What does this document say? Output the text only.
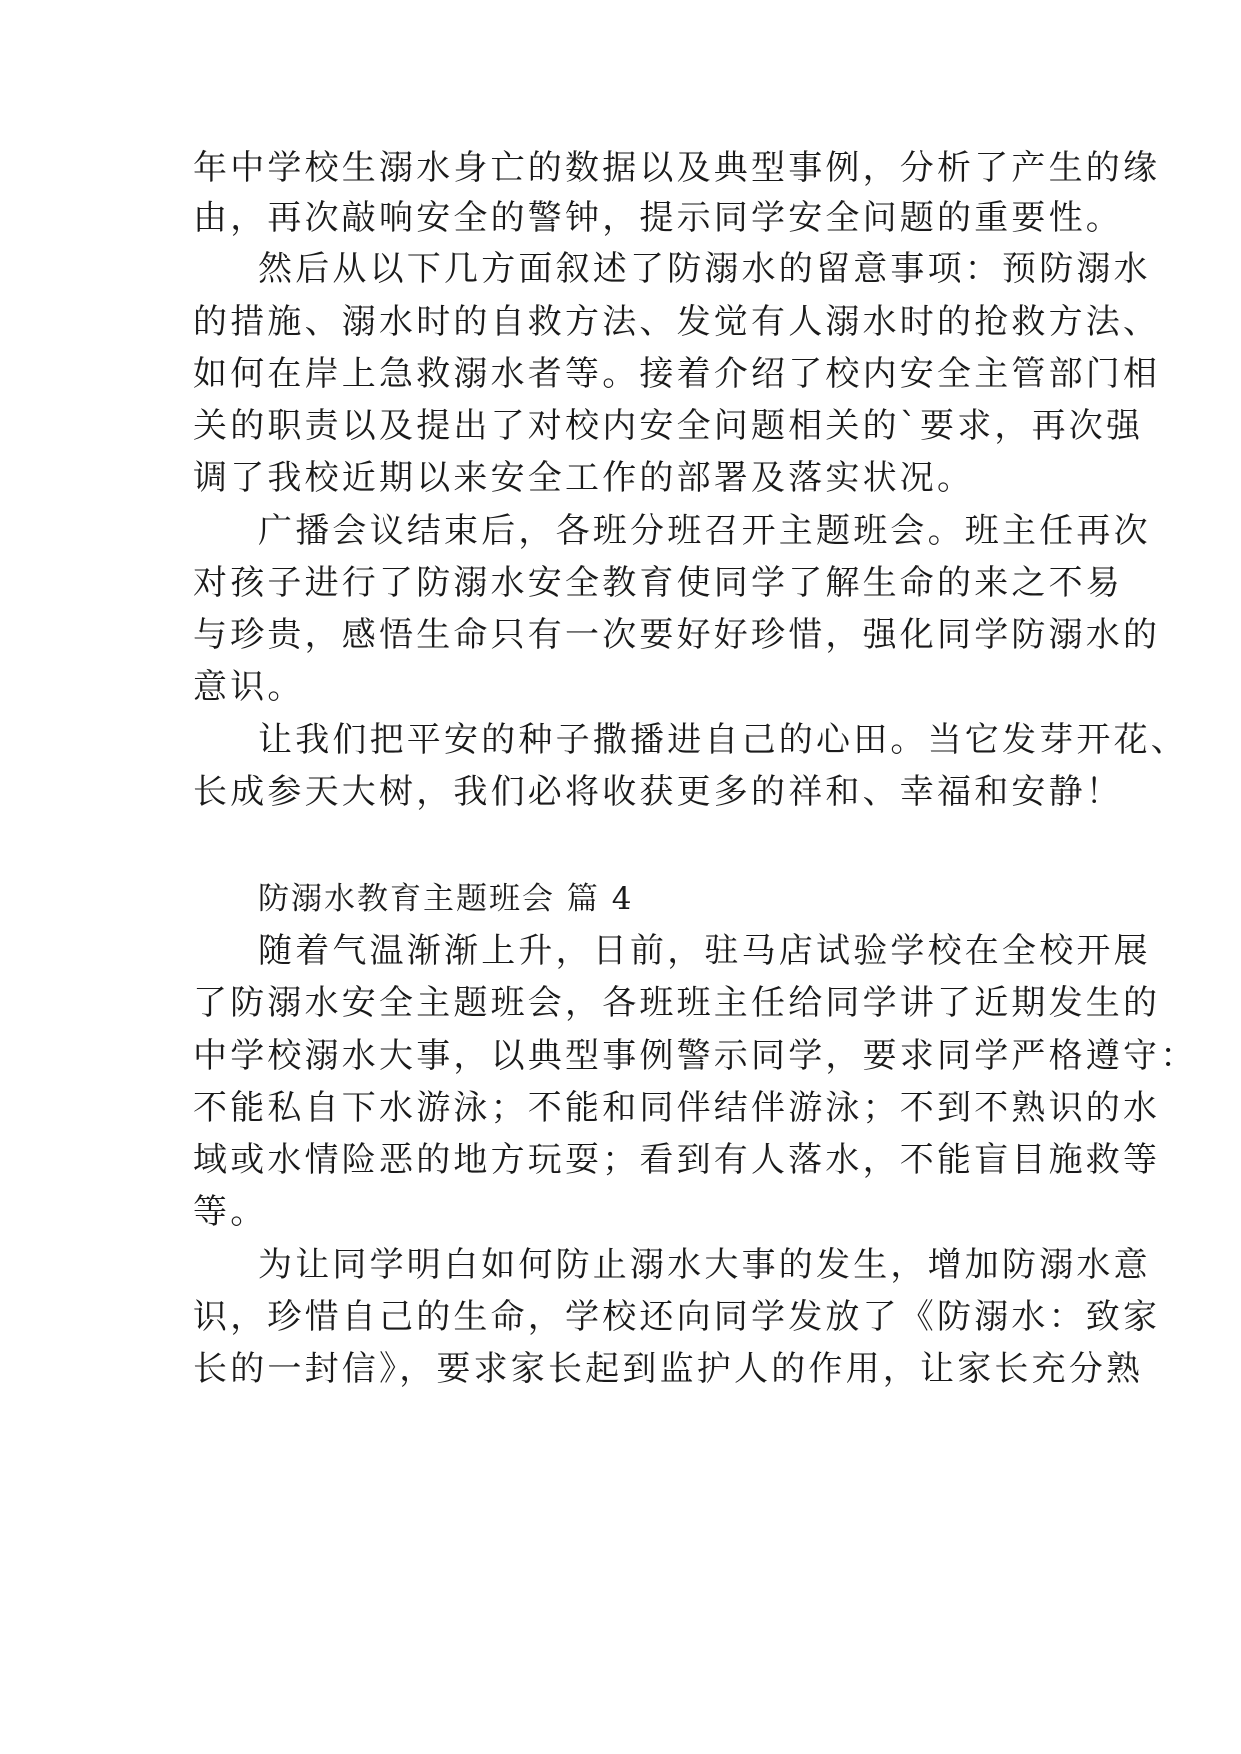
年中学校生溺水身亡的数据以及典型事例，分析了产生的缘
由，再次敲响安全的警钟，提示同学安全问题的重要性。
然后从以下几方面叙述了防溺水的留意事项：预防溺水
的措施、溺水时的自救方法、发觉有人溺水时的抢救方法、
如何在岸上急救溺水者等。接着介绍了校内安全主管部门相
关的职责以及提出了对校内安全问题相关的`要求，再次强
调了我校近期以来安全工作的部署及落实状况。
广播会议结束后，各班分班召开主题班会。班主任再次
对孩子进行了防溺水安全教育使同学了解生命的来之不易
与珍贵，感悟生命只有一次要好好珍惜，强化同学防溺水的
意识。
让我们把平安的种子撒播进自己的心田。当它发芽开花、
长成参天大树，我们必将收获更多的祥和、幸福和安静！
防溺水教育主题班会 篇 4
随着气温渐渐上升，日前，驻马店试验学校在全校开展
了防溺水安全主题班会，各班班主任给同学讲了近期发生的
中学校溺水大事，以典型事例警示同学，要求同学严格遵守：
不能私自下水游泳；不能和同伴结伴游泳；不到不熟识的水
域或水情险恶的地方玩耍；看到有人落水，不能盲目施救等
等。
为让同学明白如何防止溺水大事的发生，增加防溺水意
识，珍惜自己的生命，学校还向同学发放了《防溺水：致家
长的一封信》，要求家长起到监护人的作用，让家长充分熟
